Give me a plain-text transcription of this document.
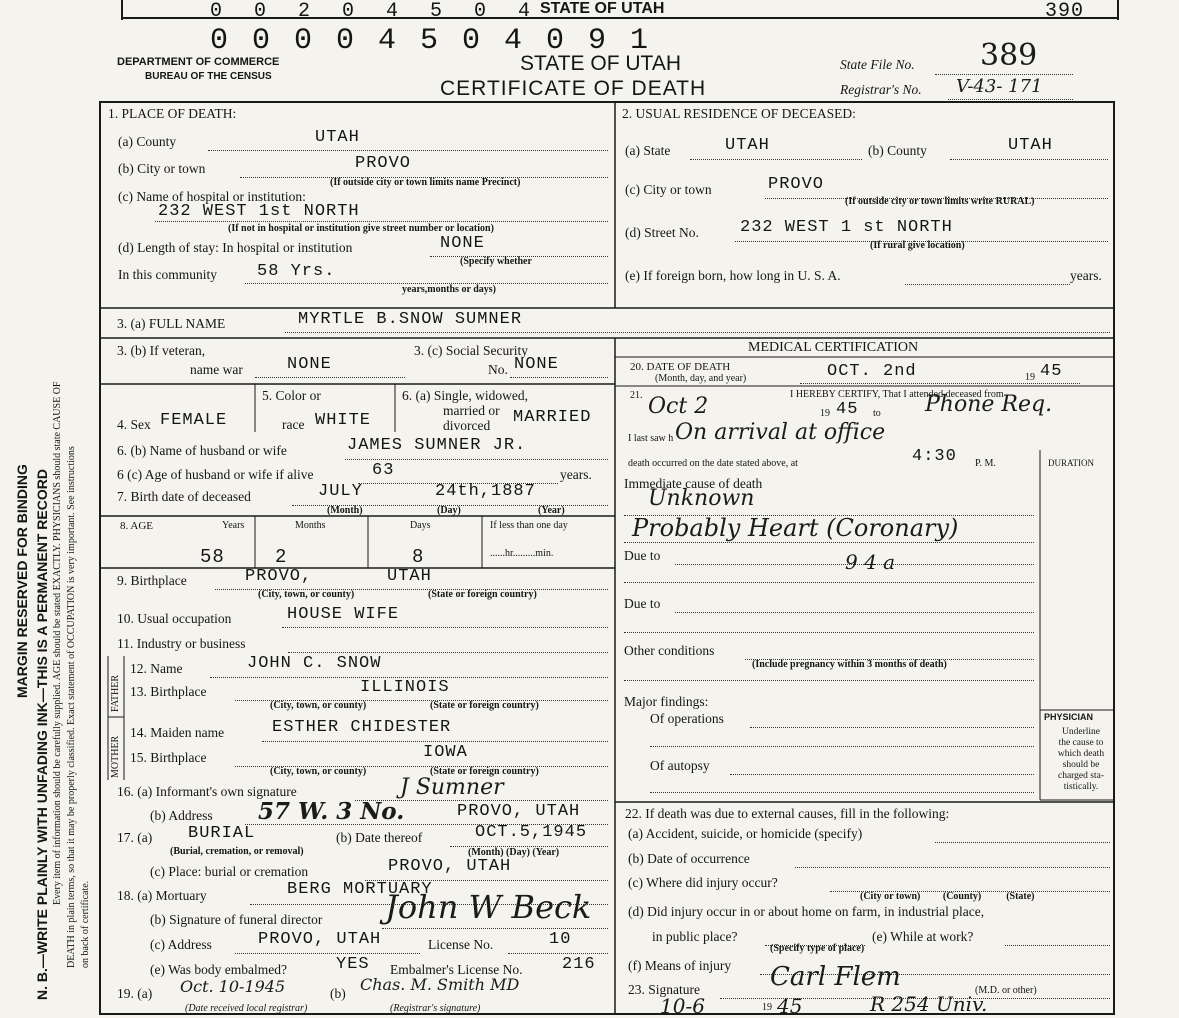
0 0 2 0 4 5 0 4 STATE OF UTAH	390
0 0 0 0 4 5 0 4 0 9 1
DEPARTMENT OF COMMERCE
BUREAU OF THE CENSUS
STATE OF UTAH
CERTIFICATE OF DEATH
State File No. 389
Registrar's No. V-43- 171
MARGIN RESERVED FOR BINDING N. B.—WRITE PLAINLY WITH UNFADING INK—THIS IS A PERMANENT RECORD Every item of information should be carefully supplied. AGE should be stated EXACTLY. PHYSICIANS should state CAUSE OF DEATH in plain terms, so that it may be properly classified. Exact statement of OCCUPATION is very important. See instructions on back of certificate.
1. PLACE OF DEATH:
(a) County	UTAH
(b) City or town	PROVO
(If outside city or town limits name Precinct)
(c) Name of hospital or institution:
232 WEST 1st NORTH
(If not in hospital or institution give street number or location)
(d) Length of stay: In hospital or institution	NONE
(Specify whether
In this community 58 Yrs.
years,months or days)
2. USUAL RESIDENCE OF DECEASED:
(a) State	UTAH	(b) County	UTAH
(c) City or town	PROVO
(If outside city or town limits write RURAL)
(d) Street No. 232 WEST 1 st NORTH
(If rural give location)
(e) If foreign born, how long in U. S. A.	years.
3. (a) FULL NAME	MYRTLE B.SNOW SUMNER
3. (b) If veteran,
name war	NONE
3. (c) Social Security
No. NONE
4. Sex FEMALE
5. Color or
race WHITE
6. (a) Single, widowed,
married or
divorced MARRIED
6. (b) Name of husband or wife	JAMES SUMNER JR.
6 (c) Age of husband or wife if alive	63	years.
7. Birth date of deceased	JULY	24th,1887
(Month)	(Day)	(Year)
8. AGE	Years	Months	Days	If less than one day
......hr.........min.
58	2	8
9. Birthplace	PROVO,	UTAH
(City, town, or county)	(State or foreign country)
10. Usual occupation	HOUSE WIFE
11. Industry or business
FATHER
MOTHER
12. Name	JOHN C. SNOW
13. Birthplace	ILLINOIS
(City, town, or county)	(State or foreign country)
14. Maiden name	ESTHER CHIDESTER
15. Birthplace	IOWA
(City, town, or county)	(State or foreign country)
16. (a) Informant's own signature	J Sumner
(b) Address 57 W. 3 No.	PROVO, UTAH
17. (a) BURIAL
(Burial, cremation, or removal)
(b) Date thereof	OCT.5,1945
(Month) (Day) (Year)
(c) Place: burial or cremation	PROVO, UTAH
18. (a) Mortuary	BERG MORTUARY
(b) Signature of funeral director John W Beck
(c) Address	PROVO, UTAH	License No.	10
(e) Was body embalmed?	YES Embalmer's License No. 216
19. (a) Oct. 10-1945
(Date received local registrar)
(b) Chas. M. Smith MD
(Registrar's signature)
MEDICAL CERTIFICATION
20. DATE OF DEATH
(Month, day, and year)	OCT. 2nd	19 45
21.	I HEREBY CERTIFY, That I attended deceased from
Oct 2	19 45 to Phone Req.
I last saw h On arrival at office
death occurred on the date stated above, at	4:30 P. M.	DURATION
Immediate cause of death
Unknown
Probably Heart (Coronary)
Due to	9 4 a
Due to
Other conditions
(Include pregnancy within 3 months of death)
Major findings:
Of operations
Of autopsy
PHYSICIAN
Underline
the cause to
which death
should be
charged sta-
tistically.
22. If death was due to external causes, fill in the following:
(a) Accident, suicide, or homicide (specify)
(b) Date of occurrence
(c) Where did injury occur?
(City or town)         (County)          (State)
(d) Did injury occur in or about home on farm, in industrial place,
in public place?
(Specify type of place)
(e) While at work?
(f) Means of injury
23. Signature	Carl Flem	(M.D. or other)
10-6	19 45	R 254 Univ.
